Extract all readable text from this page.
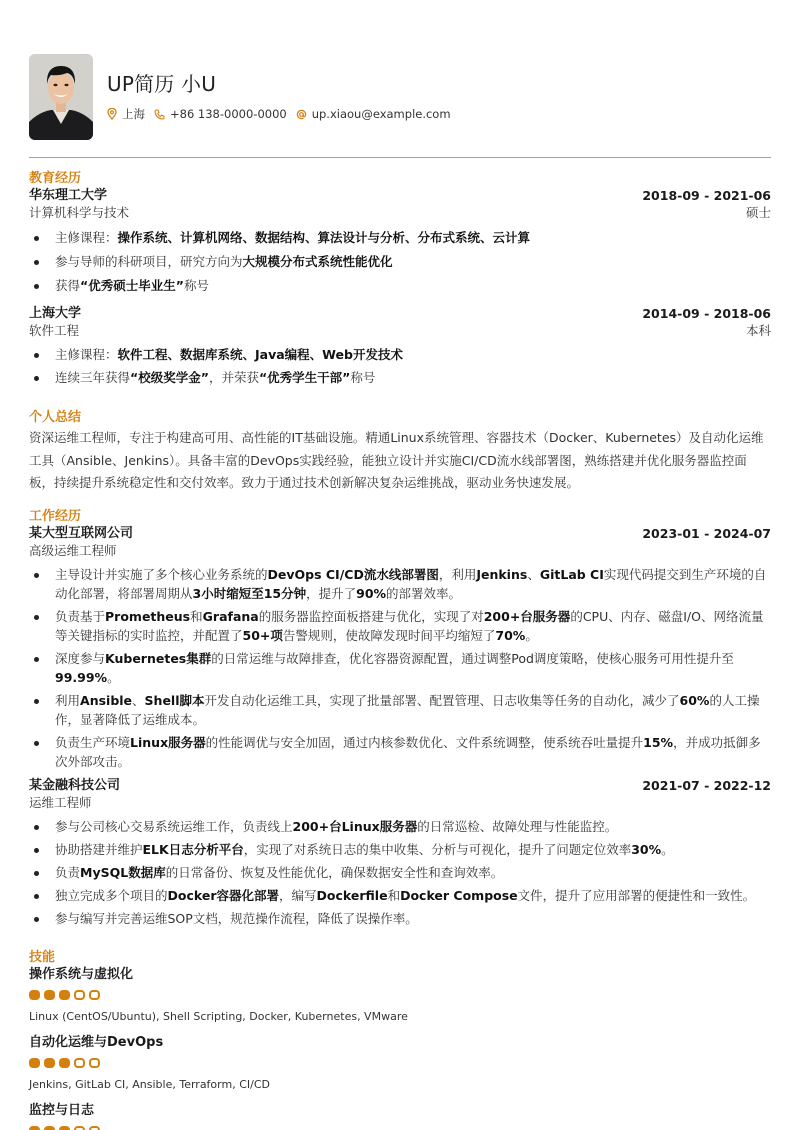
UP简历 小U
上海 +86 138-0000-0000 up.xiaou@example.com
教育经历
华东理工大学	2018-09 - 2021-06
计算机科学与技术	硕士
主修课程：操作系统、计算机网络、数据结构、算法设计与分析、分布式系统、云计算
参与导师的科研项目，研究方向为大规模分布式系统性能优化
获得“优秀硕士毕业生”称号
上海大学	2014-09 - 2018-06
软件工程	本科
主修课程：软件工程、数据库系统、Java编程、Web开发技术
连续三年获得“校级奖学金”，并荣获“优秀学生干部”称号
个人总结
资深运维工程师，专注于构建高可用、高性能的IT基础设施。精通Linux系统管理、容器技术（Docker、Kubernetes）及自动化运维工具（Ansible、Jenkins）。具备丰富的DevOps实践经验，能独立设计并实施CI/CD流水线部署图，熟练搭建并优化服务器监控面板，持续提升系统稳定性和交付效率。致力于通过技术创新解决复杂运维挑战，驱动业务快速发展。
工作经历
某大型互联网公司	2023-01 - 2024-07
高级运维工程师
主导设计并实施了多个核心业务系统的DevOps CI/CD流水线部署图，利用Jenkins、GitLab CI实现代码提交到生产环境的自动化部署，将部署周期从3小时缩短至15分钟，提升了90%的部署效率。
负责基于Prometheus和Grafana的服务器监控面板搭建与优化，实现了对200+台服务器的CPU、内存、磁盘I/O、网络流量等关键指标的实时监控，并配置了50+项告警规则，使故障发现时间平均缩短了70%。
深度参与Kubernetes集群的日常运维与故障排查，优化容器资源配置，通过调整Pod调度策略，使核心服务可用性提升至99.99%。
利用Ansible、Shell脚本开发自动化运维工具，实现了批量部署、配置管理、日志收集等任务的自动化，减少了60%的人工操作，显著降低了运维成本。
负责生产环境Linux服务器的性能调优与安全加固，通过内核参数优化、文件系统调整，使系统吞吐量提升15%，并成功抵御多次外部攻击。
某金融科技公司	2021-07 - 2022-12
运维工程师
参与公司核心交易系统运维工作，负责线上200+台Linux服务器的日常巡检、故障处理与性能监控。
协助搭建并维护ELK日志分析平台，实现了对系统日志的集中收集、分析与可视化，提升了问题定位效率30%。
负责MySQL数据库的日常备份、恢复及性能优化，确保数据安全性和查询效率。
独立完成多个项目的Docker容器化部署，编写Dockerfile和Docker Compose文件，提升了应用部署的便捷性和一致性。
参与编写并完善运维SOP文档，规范操作流程，降低了误操作率。
技能
操作系统与虚拟化
Linux (CentOS/Ubuntu), Shell Scripting, Docker, Kubernetes, VMware
自动化运维与DevOps
Jenkins, GitLab CI, Ansible, Terraform, CI/CD
监控与日志
